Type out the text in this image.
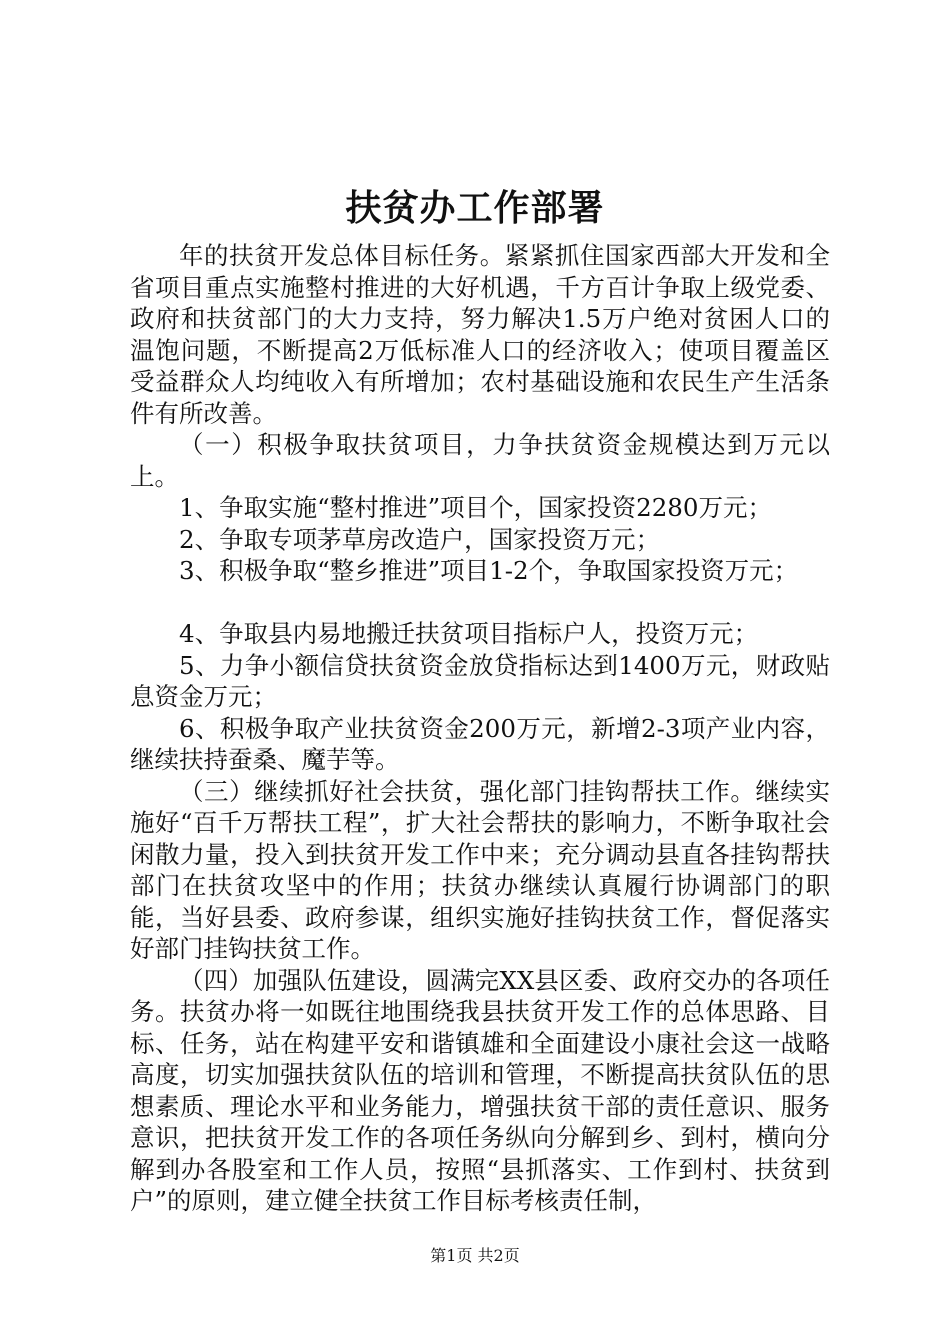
扶贫办工作部署

年的扶贫开发总体目标任务。紧紧抓住国家西部大开发和全省项目重点实施整村推进的大好机遇，千方百计争取上级党委、政府和扶贫部门的大力支持，努力解决1.5万户绝对贫困人口的温饱问题，不断提高2万低标准人口的经济收入；使项目覆盖区受益群众人均纯收入有所增加；农村基础设施和农民生产生活条件有所改善。

（一）积极争取扶贫项目，力争扶贫资金规模达到万元以上。

1、争取实施“整村推进”项目个，国家投资2280万元；

2、争取专项茅草房改造户，国家投资万元；

3、积极争取“整乡推进”项目1-2个，争取国家投资万元；

4、争取县内易地搬迁扶贫项目指标户人，投资万元；

5、力争小额信贷扶贫资金放贷指标达到1400万元，财政贴息资金万元；

6、积极争取产业扶贫资金200万元，新增2-3项产业内容，继续扶持蚕桑、魔芋等。

（三）继续抓好社会扶贫，强化部门挂钩帮扶工作。继续实施好“百千万帮扶工程”，扩大社会帮扶的影响力，不断争取社会闲散力量，投入到扶贫开发工作中来；充分调动县直各挂钩帮扶部门在扶贫攻坚中的作用；扶贫办继续认真履行协调部门的职能，当好县委、政府参谋，组织实施好挂钩扶贫工作，督促落实好部门挂钩扶贫工作。

（四）加强队伍建设，圆满完XX县区委、政府交办的各项任务。扶贫办将一如既往地围绕我县扶贫开发工作的总体思路、目标、任务，站在构建平安和谐镇雄和全面建设小康社会这一战略高度，切实加强扶贫队伍的培训和管理，不断提高扶贫队伍的思想素质、理论水平和业务能力，增强扶贫干部的责任意识、服务意识，把扶贫开发工作的各项任务纵向分解到乡、到村，横向分解到办各股室和工作人员，按照“县抓落实、工作到村、扶贫到户”的原则，建立健全扶贫工作目标考核责任制，

第1页 共2页
